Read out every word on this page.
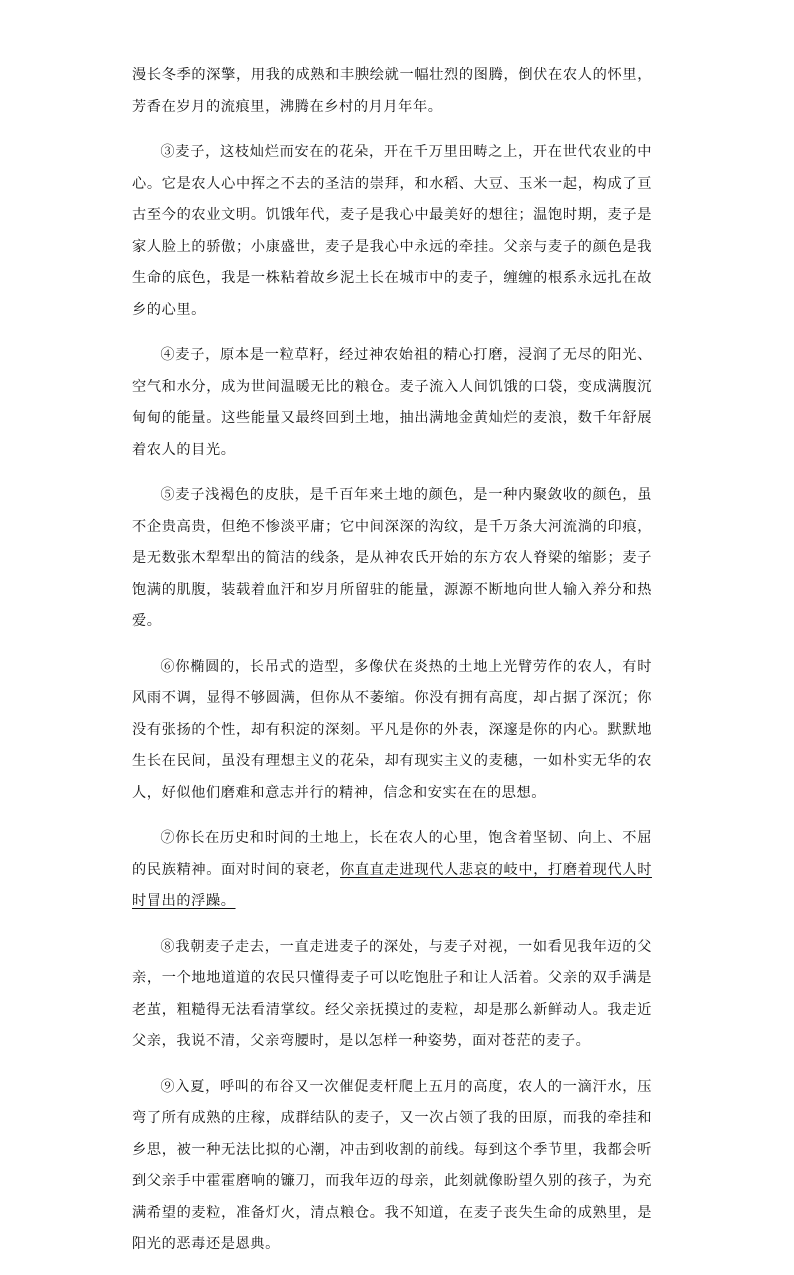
漫长冬季的深擎，用我的成熟和丰腴绘就一幅壮烈的图腾，倒伏在农人的怀里，芳香在岁月的流痕里，沸腾在乡村的月月年年。

③麦子，这枝灿烂而安在的花朵，开在千万里田畴之上，开在世代农业的中心。它是农人心中挥之不去的圣洁的崇拜，和水稻、大豆、玉米一起，构成了亘古至今的农业文明。饥饿年代，麦子是我心中最美好的想往；温饱时期，麦子是家人脸上的骄傲；小康盛世，麦子是我心中永远的牵挂。父亲与麦子的颜色是我生命的底色，我是一株粘着故乡泥土长在城市中的麦子，缠缠的根系永远扎在故乡的心里。

④麦子，原本是一粒草籽，经过神农始祖的精心打磨，浸润了无尽的阳光、空气和水分，成为世间温暖无比的粮仓。麦子流入人间饥饿的口袋，变成满腹沉甸甸的能量。这些能量又最终回到土地，抽出满地金黄灿烂的麦浪，数千年舒展着农人的目光。

⑤麦子浅褐色的皮肤，是千百年来土地的颜色，是一种内聚敛收的颜色，虽不企贵高贵，但绝不惨淡平庸；它中间深深的沟纹，是千万条大河流淌的印痕，是无数张木犁犁出的简洁的线条，是从神农氏开始的东方农人脊梁的缩影；麦子饱满的肌腹，装载着血汗和岁月所留驻的能量，源源不断地向世人输入养分和热爱。

⑥你椭圆的，长吊式的造型，多像伏在炎热的土地上光臂劳作的农人，有时风雨不调，显得不够圆满，但你从不萎缩。你没有拥有高度，却占据了深沉；你没有张扬的个性，却有积淀的深刻。平凡是你的外表，深邃是你的内心。默默地生长在民间，虽没有理想主义的花朵，却有现实主义的麦穗，一如朴实无华的农人，好似他们磨难和意志并行的精神，信念和安实在在的思想。

⑦你长在历史和时间的土地上，长在农人的心里，饱含着坚韧、向上、不屈的民族精神。面对时间的衰老，你直直走进现代人悲哀的岐中，打磨着现代人时时冒出的浮躁。

⑧我朝麦子走去，一直走进麦子的深处，与麦子对视，一如看见我年迈的父亲，一个地地道道的农民只懂得麦子可以吃饱肚子和让人活着。父亲的双手满是老茧，粗糙得无法看清掌纹。经父亲抚摸过的麦粒，却是那么新鲜动人。我走近父亲，我说不清，父亲弯腰时，是以怎样一种姿势，面对苍茫的麦子。

⑨入夏，呼叫的布谷又一次催促麦杆爬上五月的高度，农人的一滴汗水，压弯了所有成熟的庄稼，成群结队的麦子，又一次占领了我的田原，而我的牵挂和乡思，被一种无法比拟的心潮，冲击到收割的前线。每到这个季节里，我都会听到父亲手中霍霍磨响的镰刀，而我年迈的母亲，此刻就像盼望久别的孩子，为充满希望的麦粒，准备灯火，清点粮仓。我不知道，在麦子丧失生命的成熟里，是阳光的恶毒还是恩典。
